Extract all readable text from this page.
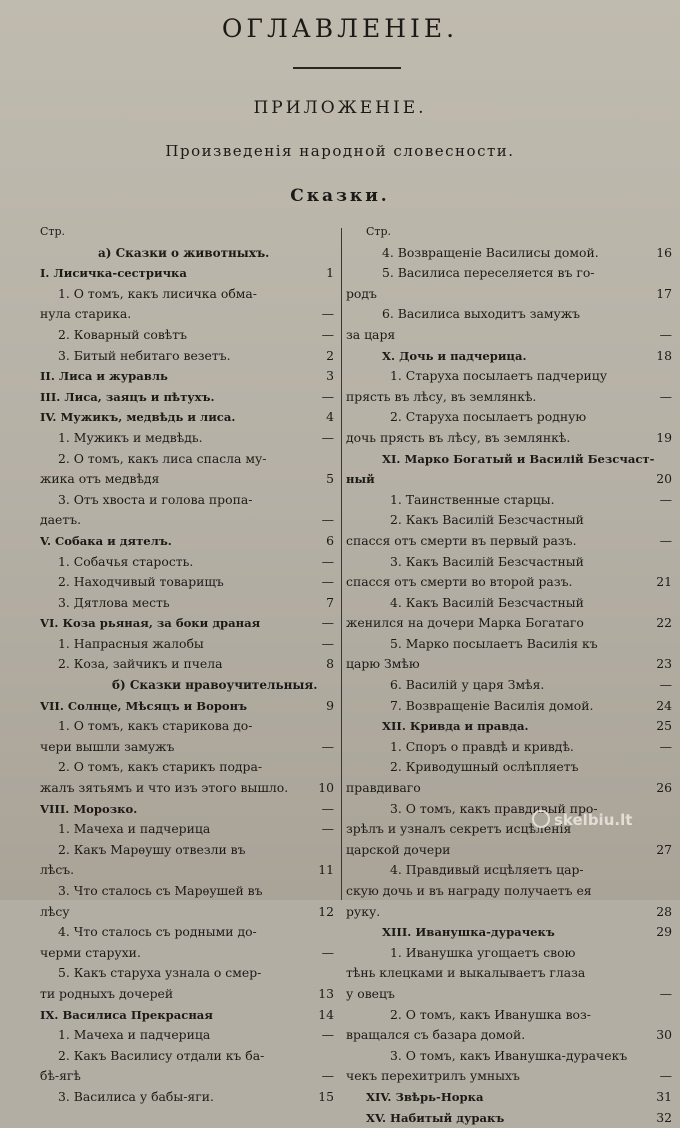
ОГЛАВЛЕНІЕ.
ПРИЛОЖЕНІЕ.
Произведенія народной словесности.
Сказки.
Стр.
а) Сказки о животныхъ.
I. Лисичка-сестричка	1
1. О томъ, какъ лисичка обма-
нула старика.	—
2. Коварный совѣтъ	—
3. Битый небитаго везетъ.	2
II. Лиса и журавль	3
III. Лиса, заяцъ и пѣтухъ.	—
IV. Мужикъ, медвѣдь и лиса.	4
1. Мужикъ и медвѣдь.	—
2. О томъ, какъ лиса спасла му-
жика отъ медвѣдя	5
3. Отъ хвоста и голова пропа-
даетъ.	—
V. Собака и дятелъ.	6
1. Собачья старость.	—
2. Находчивый товарищъ	—
3. Дятлова месть	7
VI. Коза рьяная, за боки драная	—
1. Напрасныя жалобы	—
2. Коза, зайчикъ и пчела	8
б) Сказки нравоучительныя.
VII. Солнце, Мѣсяцъ и Воронъ	9
1. О томъ, какъ старикова до-
чери вышли замужъ	—
2. О томъ, какъ старикъ подра-
жалъ зятьямъ и что изъ этого вышло. 10
VIII. Морозко.	—
1. Мачеха и падчерица	—
2. Какъ Марѳушу отвезли въ
лѣсъ.	11
3. Что сталось съ Марѳушей въ
лѣсу	12
4. Что сталось съ родными до-
черми старухи.	—
5. Какъ старуха узнала о смер-
ти родныхъ дочерей	13
IX. Василиса Прекрасная	14
1. Мачеха и падчерица	—
2. Какъ Василису отдали къ ба-
бѣ-ягѣ	—
3. Василиса у бабы-яги.	15
Стр.
4. Возвращеніе Василисы домой.	16
5. Василиса переселяется въ го-
родъ	17
6. Василиса выходитъ замужъ
за царя	—
X. Дочь и падчерица.	18
1. Старуха посылаетъ падчерицу
прясть въ лѣсу, въ землянкѣ.	—
2. Старуха посылаетъ родную
дочь прясть въ лѣсу, въ землянкѣ.	19
XI. Марко Богатый и Василій Безсчаст-
ный	20
1. Таинственные старцы.	—
2. Какъ Василій Безсчастный
спасся отъ смерти въ первый разъ.	—
3. Какъ Василій Безсчастный
спасся отъ смерти во второй разъ.	21
4. Какъ Василій Безсчастный
женился на дочери Марка Богатаго	22
5. Марко посылаетъ Василія къ
царю Змѣю	23
6. Василій у царя Змѣя.	—
7. Возвращеніе Василія домой.	24
XII. Кривда и правда.	25
1. Споръ о правдѣ и кривдѣ.	—
2. Криводушный ослѣпляетъ
правдиваго	26
3. О томъ, какъ правдивый про-
зрѣлъ и узналъ секретъ исцѣленія
царской дочери	27
4. Правдивый исцѣляетъ цар-
скую дочь и въ награду получаетъ ея
руку.	28
XIII. Иванушка-дурачекъ	29
1. Иванушка угощаетъ свою
тѣнь клецками и выкалываетъ глаза
у овецъ	—
2. О томъ, какъ Иванушка воз-
вращался съ базара домой.	30
3. О томъ, какъ Иванушка-дурачекъ
чекъ перехитрилъ умныхъ	—
XIV. Звѣрь-Норка	31
XV. Набитый дуракъ	32
skelbiu.lt
